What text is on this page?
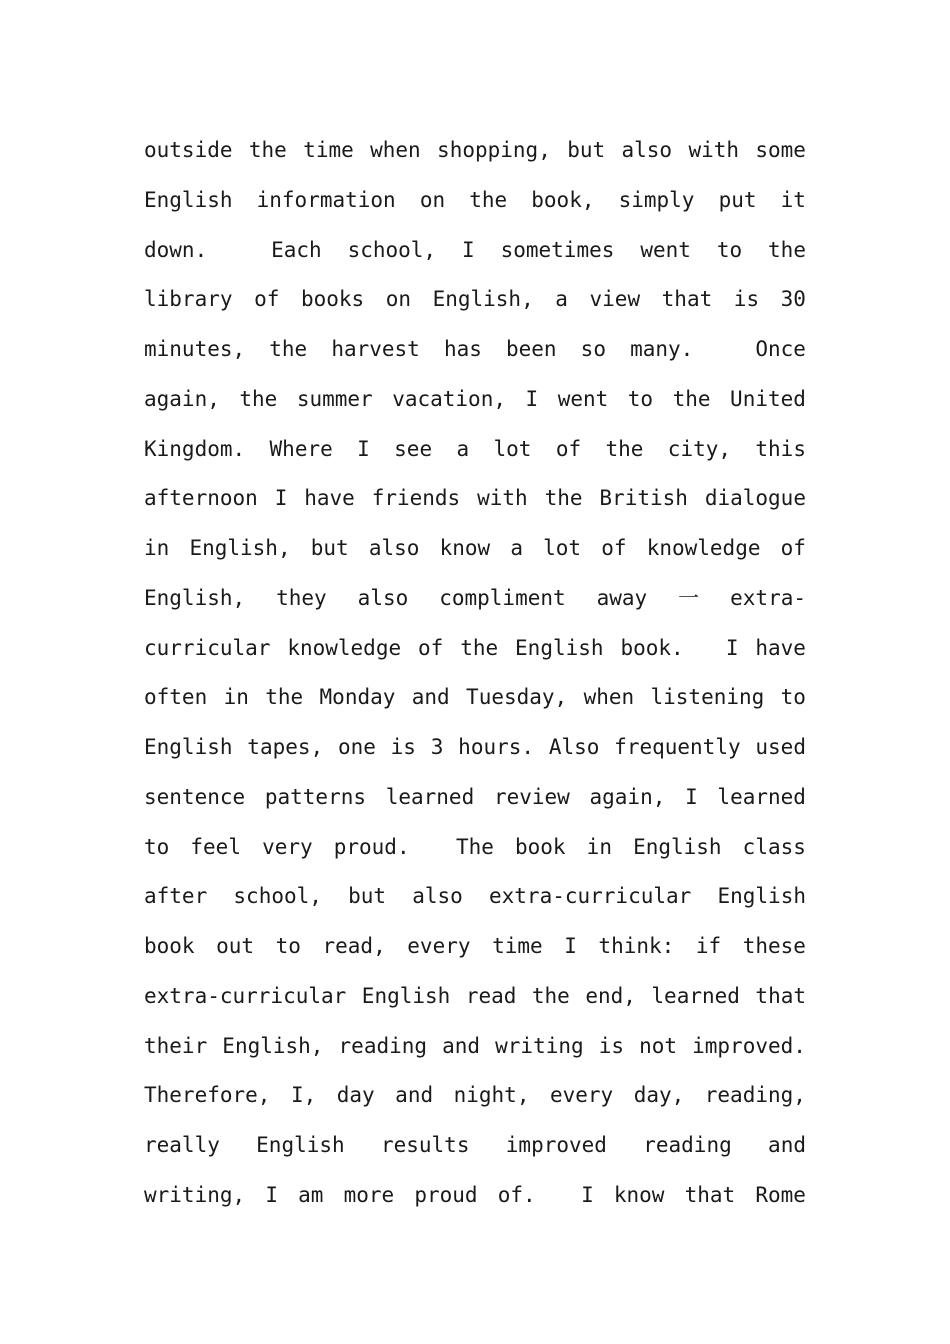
outside the time when shopping, but also with some
English information on the book, simply put it
down. Each school, I sometimes went to the
library of books on English, a view that is 30
minutes, the harvest has been so many. Once
again, the summer vacation, I went to the United
Kingdom. Where I see a lot of the city, this
afternoon I have friends with the British dialogue
in English, but also know a lot of knowledge of
English, they also compliment away 一 extra-
curricular knowledge of the English book. I have
often in the Monday and Tuesday, when listening to
English tapes, one is 3 hours. Also frequently used
sentence patterns learned review again, I learned
to feel very proud. The book in English class
after school, but also extra-curricular English
book out to read, every time I think: if these
extra-curricular English read the end, learned that
their English, reading and writing is not improved.
Therefore, I, day and night, every day, reading,
really English results improved reading and
writing, I am more proud of. I know that Rome
